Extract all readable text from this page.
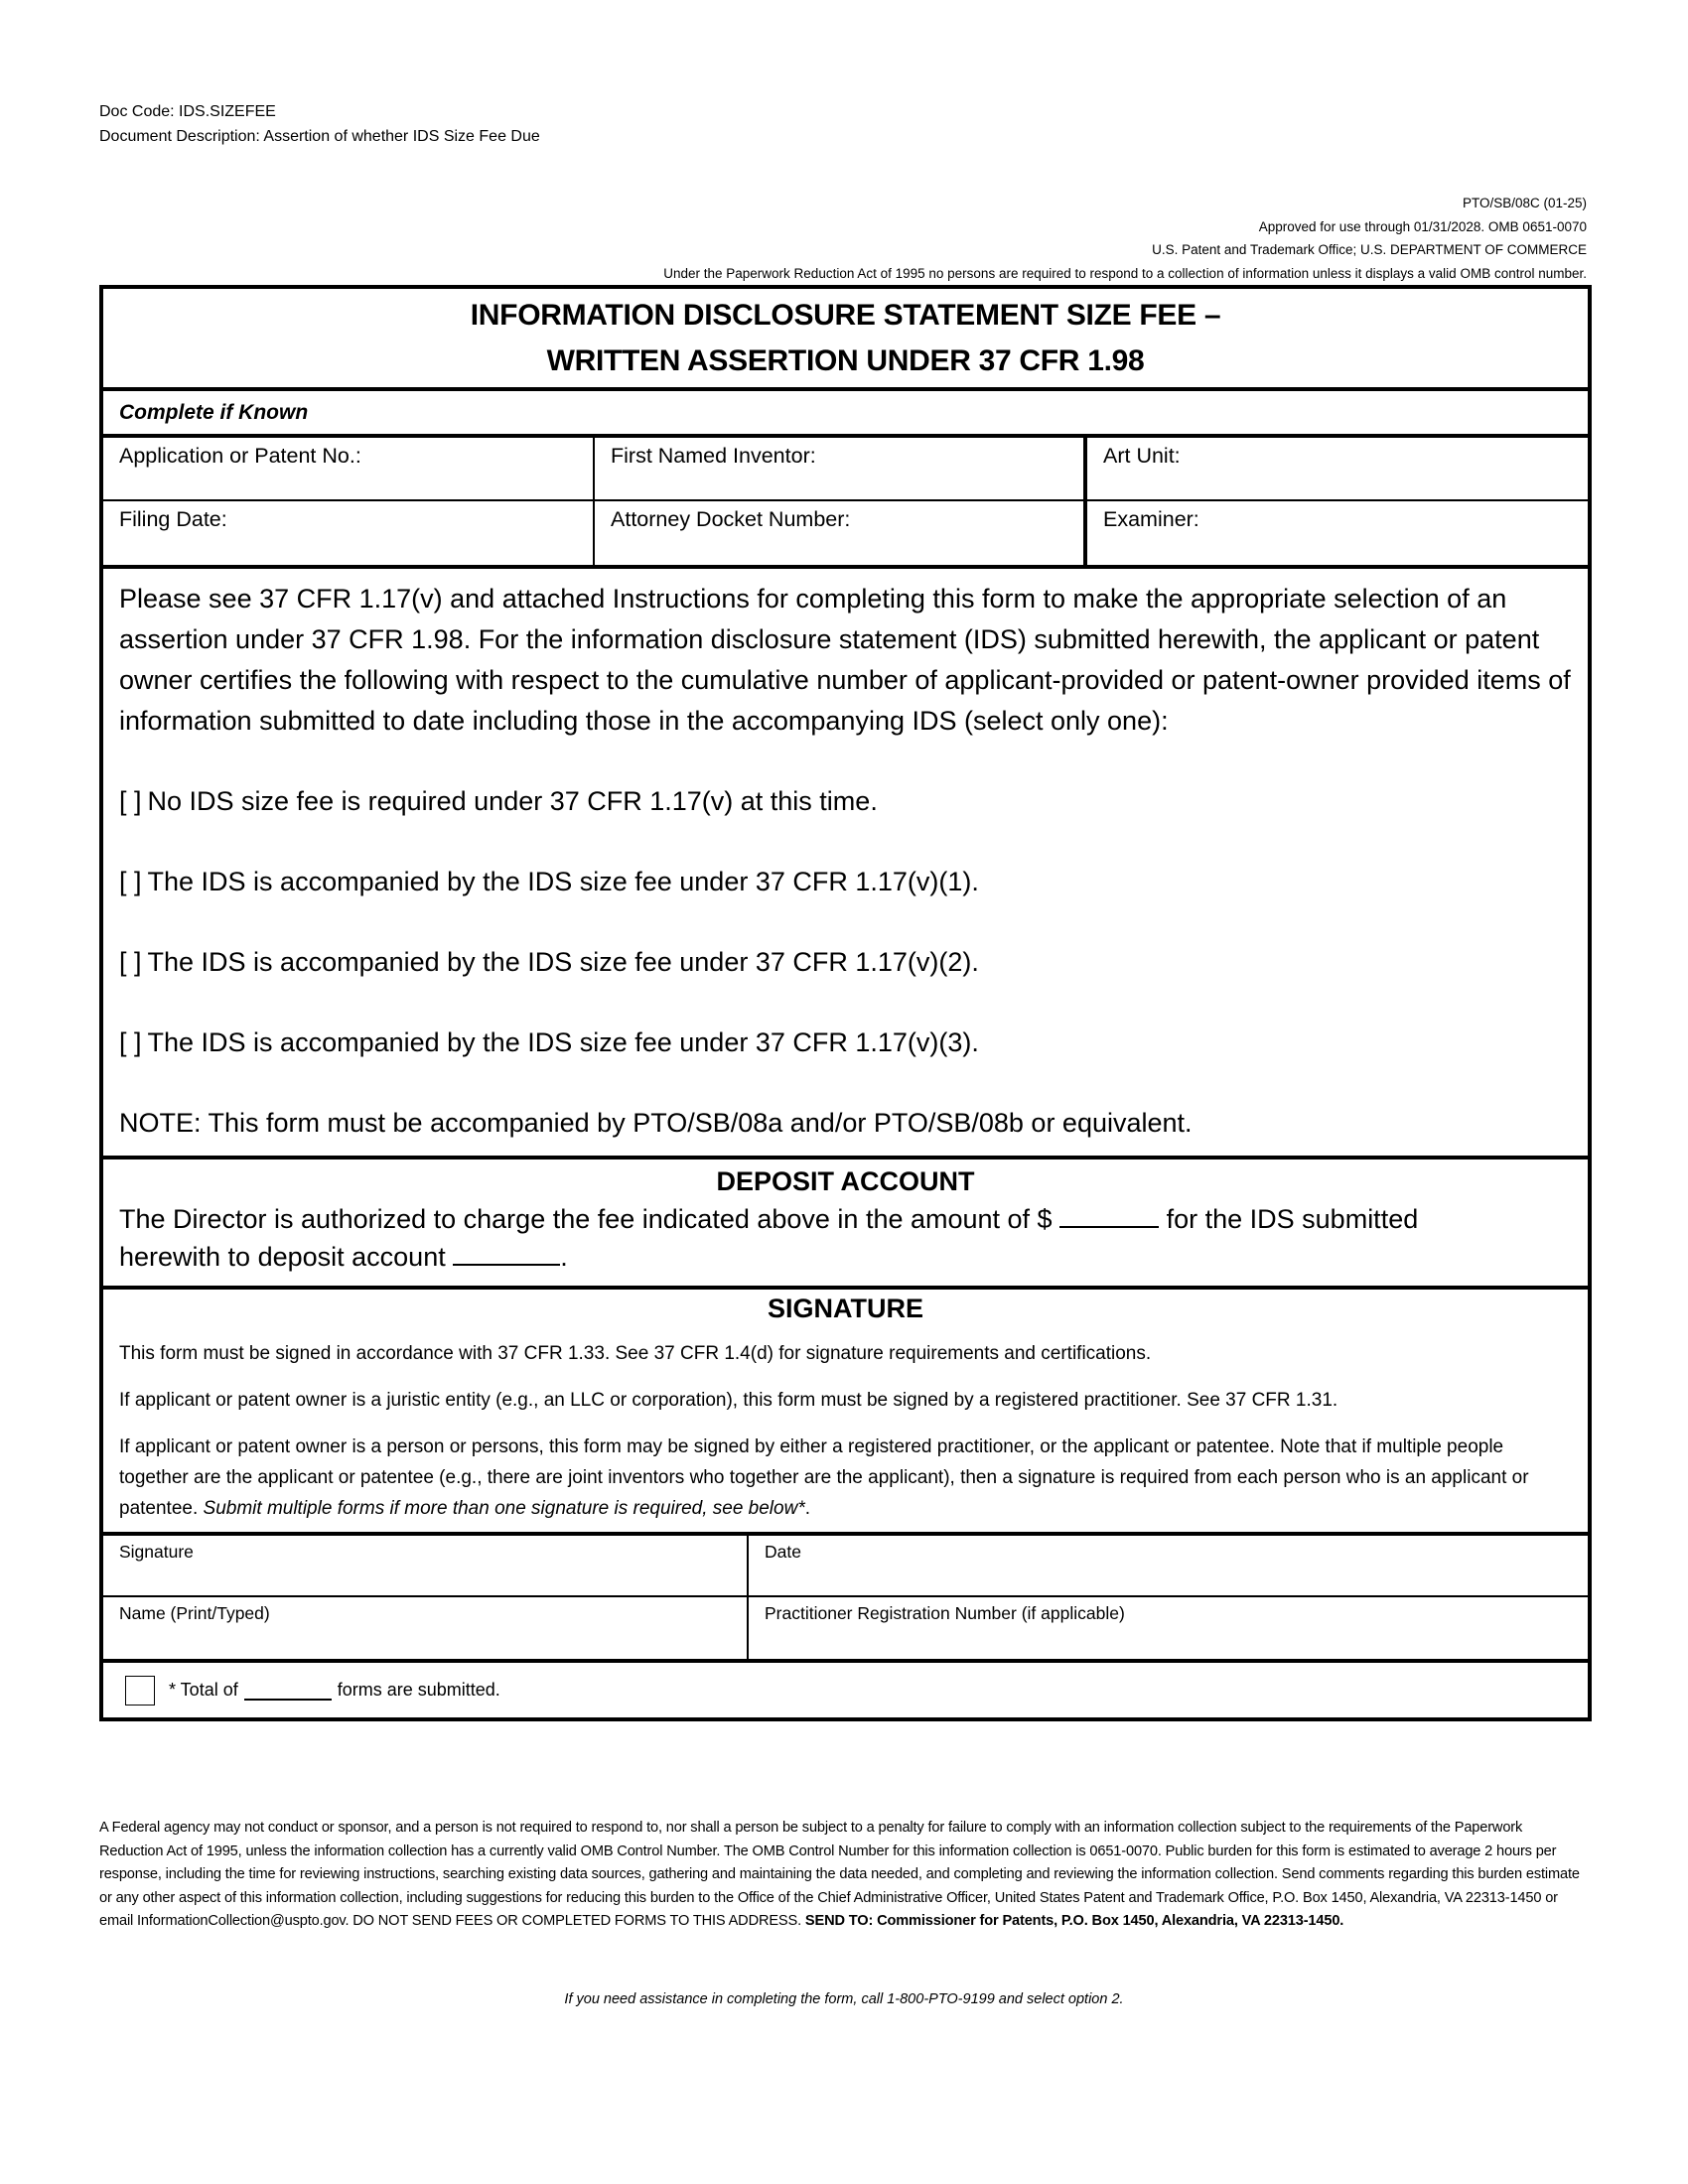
Doc Code: IDS.SIZEFEE
Document Description: Assertion of whether IDS Size Fee Due
PTO/SB/08C (01-25)
Approved for use through 01/31/2028. OMB 0651-0070
U.S. Patent and Trademark Office; U.S. DEPARTMENT OF COMMERCE
Under the Paperwork Reduction Act of 1995 no persons are required to respond to a collection of information unless it displays a valid OMB control number.
INFORMATION DISCLOSURE STATEMENT SIZE FEE –
WRITTEN ASSERTION UNDER 37 CFR 1.98
Complete if Known
Application or Patent No.:	First Named Inventor:	Art Unit:
Filing Date:	Attorney Docket Number:	Examiner:

Please see 37 CFR 1.17(v) and attached Instructions for completing this form to make the appropriate selection of an assertion under 37 CFR 1.98. For the information disclosure statement (IDS) submitted herewith, the applicant or patent owner certifies the following with respect to the cumulative number of applicant-provided or patent-owner provided items of information submitted to date including those in the accompanying IDS (select only one):

[ ] No IDS size fee is required under 37 CFR 1.17(v) at this time.
[ ] The IDS is accompanied by the IDS size fee under 37 CFR 1.17(v)(1).
[ ] The IDS is accompanied by the IDS size fee under 37 CFR 1.17(v)(2).
[ ] The IDS is accompanied by the IDS size fee under 37 CFR 1.17(v)(3).
NOTE: This form must be accompanied by PTO/SB/08a and/or PTO/SB/08b or equivalent.
DEPOSIT ACCOUNT
The Director is authorized to charge the fee indicated above in the amount of $	for the IDS submitted
herewith to deposit account	.
SIGNATURE

This form must be signed in accordance with 37 CFR 1.33. See 37 CFR 1.4(d) for signature requirements and certifications.

If applicant or patent owner is a juristic entity (e.g., an LLC or corporation), this form must be signed by a registered practitioner. See 37 CFR 1.31.

If applicant or patent owner is a person or persons, this form may be signed by either a registered practitioner, or the applicant or patentee. Note that if multiple people together are the applicant or patentee (e.g., there are joint inventors who together are the applicant), then a signature is required from each person who is an applicant or patentee. Submit multiple forms if more than one signature is required, see below*.

Signature	Date
Name (Print/Typed)	Practitioner Registration Number (if applicable)
* Total of	forms are submitted.
A Federal agency may not conduct or sponsor, and a person is not required to respond to, nor shall a person be subject to a penalty for failure to comply with an information collection subject to the requirements of the Paperwork Reduction Act of 1995, unless the information collection has a currently valid OMB Control Number. The OMB Control Number for this information collection is 0651-0070. Public burden for this form is estimated to average 2 hours per response, including the time for reviewing instructions, searching existing data sources, gathering and maintaining the data needed, and completing and reviewing the information collection. Send comments regarding this burden estimate or any other aspect of this information collection, including suggestions for reducing this burden to the Office of the Chief Administrative Officer, United States Patent and Trademark Office, P.O. Box 1450, Alexandria, VA 22313-1450 or email InformationCollection@uspto.gov. DO NOT SEND FEES OR COMPLETED FORMS TO THIS ADDRESS. SEND TO: Commissioner for Patents, P.O. Box 1450, Alexandria, VA 22313-1450.
If you need assistance in completing the form, call 1-800-PTO-9199 and select option 2.
